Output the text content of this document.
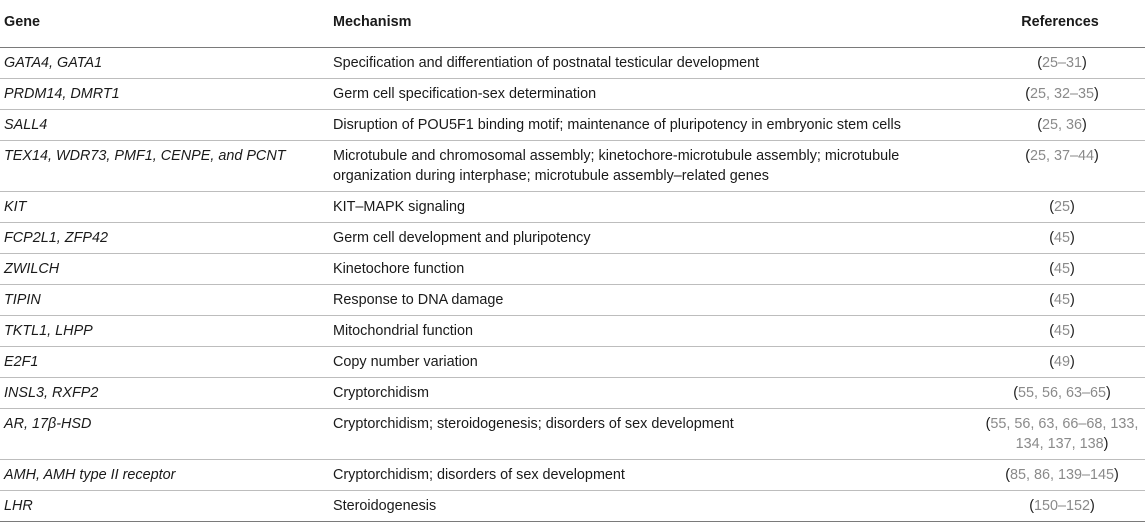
Gene	Mechanism	References
GATA4, GATA1	Specification and differentiation of postnatal testicular development	(25–31)
PRDM14, DMRT1	Germ cell specification-sex determination	(25, 32–35)
SALL4	Disruption of POU5F1 binding motif; maintenance of pluripotency in embryonic stem cells	(25, 36)
TEX14, WDR73, PMF1, CENPE, and PCNT	Microtubule and chromosomal assembly; kinetochore-microtubule assembly; microtubule organization during interphase; microtubule assembly–related genes	(25, 37–44)
KIT	KIT–MAPK signaling	(25)
FCP2L1, ZFP42	Germ cell development and pluripotency	(45)
ZWILCH	Kinetochore function	(45)
TIPIN	Response to DNA damage	(45)
TKTL1, LHPP	Mitochondrial function	(45)
E2F1	Copy number variation	(49)
INSL3, RXFP2	Cryptorchidism	(55, 56, 63–65)
AR, 17β-HSD	Cryptorchidism; steroidogenesis; disorders of sex development	(55, 56, 63, 66–68, 133, 134, 137, 138)
AMH, AMH type II receptor	Cryptorchidism; disorders of sex development	(85, 86, 139–145)
LHR	Steroidogenesis	(150–152)
